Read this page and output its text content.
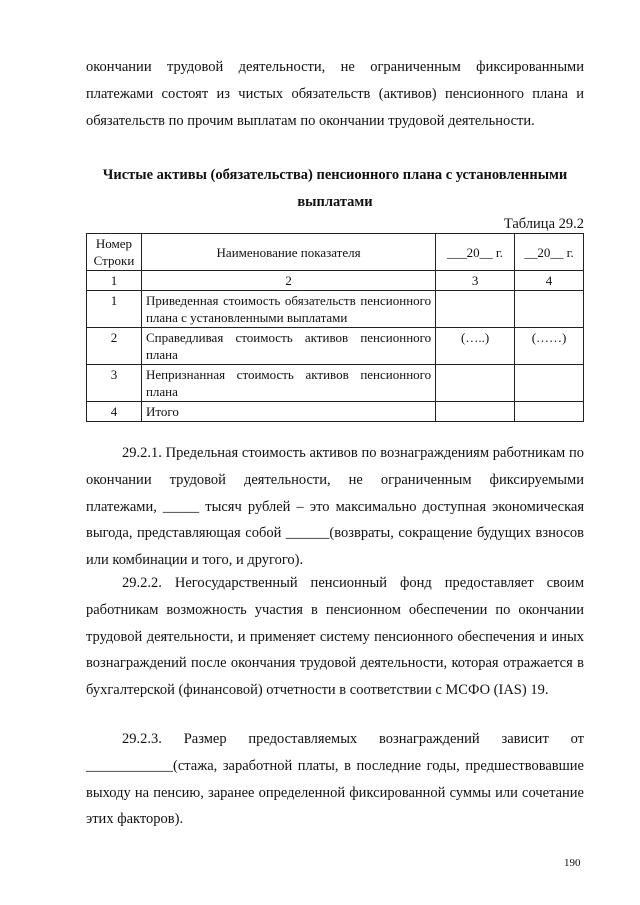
окончании трудовой деятельности, не ограниченным фиксированными платежами состоят из чистых обязательств (активов) пенсионного плана и обязательств по прочим выплатам по окончании трудовой деятельности.
Чистые активы (обязательства) пенсионного плана с установленными
выплатами
Таблица 29.2
Номер Строки	Наименование показателя	___20__ г.	__20__ г.
1	2	3	4
1	Приведенная стоимость обязательств пенсионного плана с установленными выплатами		
2	Справедливая стоимость активов пенсионного плана	(…..)	(……)
3	Непризнанная стоимость активов пенсионного плана		
4	Итого		
29.2.1. Предельная стоимость активов по вознаграждениям работникам по окончании трудовой деятельности, не ограниченным фиксируемыми платежами, _____ тысяч рублей – это максимально доступная экономическая выгода, представляющая собой ______(возвраты, сокращение будущих взносов или комбинации и того, и другого).
29.2.2. Негосударственный пенсионный фонд предоставляет своим работникам возможность участия в пенсионном обеспечении по окончании трудовой деятельности, и применяет систему пенсионного обеспечения и иных вознаграждений после окончания трудовой деятельности, которая отражается в бухгалтерской (финансовой) отчетности в соответствии с МСФО (IAS) 19.
29.2.3. Размер предоставляемых вознаграждений зависит от ____________(стажа, заработной платы, в последние годы, предшествовавшие выходу на пенсию, заранее определенной фиксированной суммы или сочетание этих факторов).
190
